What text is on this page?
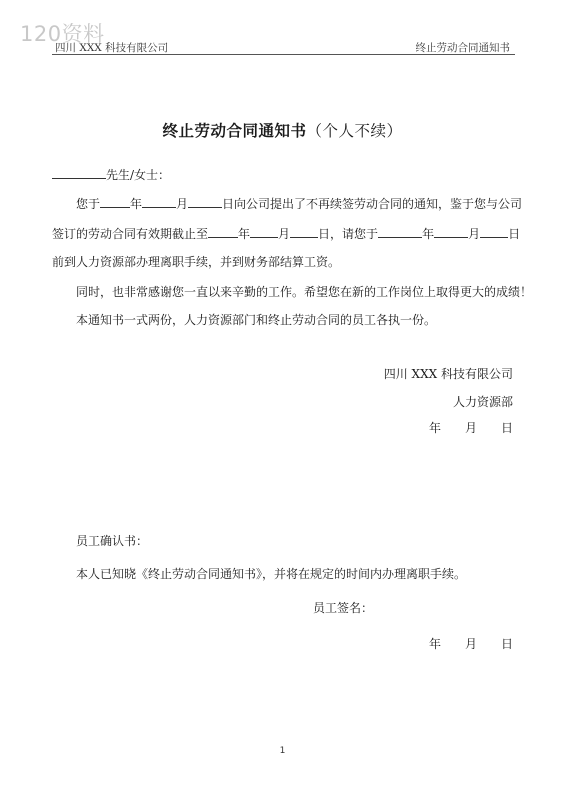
120资料
四川 XXX 科技有限公司	终止劳动合同通知书
终止劳动合同通知书（个人不续）
先生/女士：
您于	年	月	日向公司提出了不再续签劳动合同的通知，鉴于您与公司
签订的劳动合同有效期截止至	年 月 日，请您于	年	月 日
前到人力资源部办理离职手续，并到财务部结算工资。
同时，也非常感谢您一直以来辛勤的工作。希望您在新的工作岗位上取得更大的成绩！
本通知书一式两份，人力资源部门和终止劳动合同的员工各执一份。
四川 XXX 科技有限公司
人力资源部
年 月 日
员工确认书：
本人已知晓《终止劳动合同通知书》，并将在规定的时间内办理离职手续。
员工签名：
年 月 日
1
